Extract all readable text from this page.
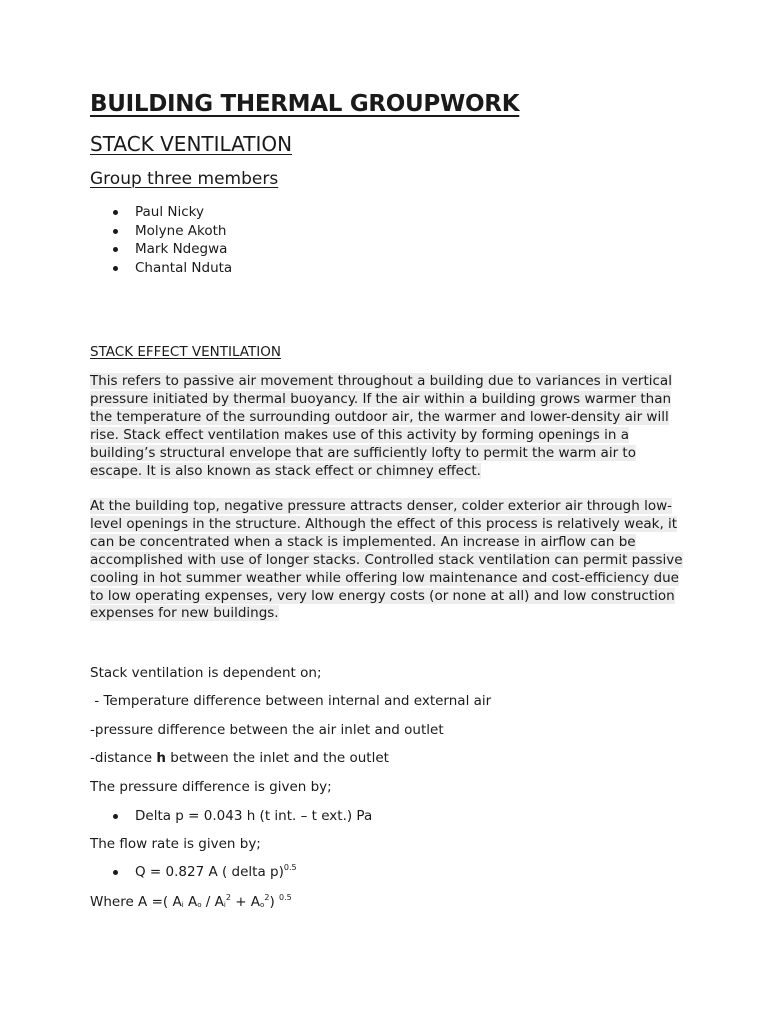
BUILDING THERMAL GROUPWORK
STACK VENTILATION
Group three members
Paul Nicky
Molyne Akoth
Mark Ndegwa
Chantal Nduta
STACK EFFECT VENTILATION
This refers to passive air movement throughout a building due to variances in vertical
pressure initiated by thermal buoyancy. If the air within a building grows warmer than
the temperature of the surrounding outdoor air, the warmer and lower-density air will
rise. Stack effect ventilation makes use of this activity by forming openings in a
building’s structural envelope that are sufficiently lofty to permit the warm air to
escape. It is also known as stack effect or chimney effect.
At the building top, negative pressure attracts denser, colder exterior air through low-
level openings in the structure. Although the effect of this process is relatively weak, it
can be concentrated when a stack is implemented. An increase in airflow can be
accomplished with use of longer stacks. Controlled stack ventilation can permit passive
cooling in hot summer weather while offering low maintenance and cost-efficiency due
to low operating expenses, very low energy costs (or none at all) and low construction
expenses for new buildings.
Stack ventilation is dependent on;
- Temperature difference between internal and external air
-pressure difference between the air inlet and outlet
-distance h between the inlet and the outlet
The pressure difference is given by;
Delta p = 0.043 h (t int. – t ext.) Pa
The flow rate is given by;
Q = 0.827 A ( delta p)$^{0.5}$
Where A =( $A_i$ $A_o / A_i^2 + A_o^2$) $^{0.5}$
